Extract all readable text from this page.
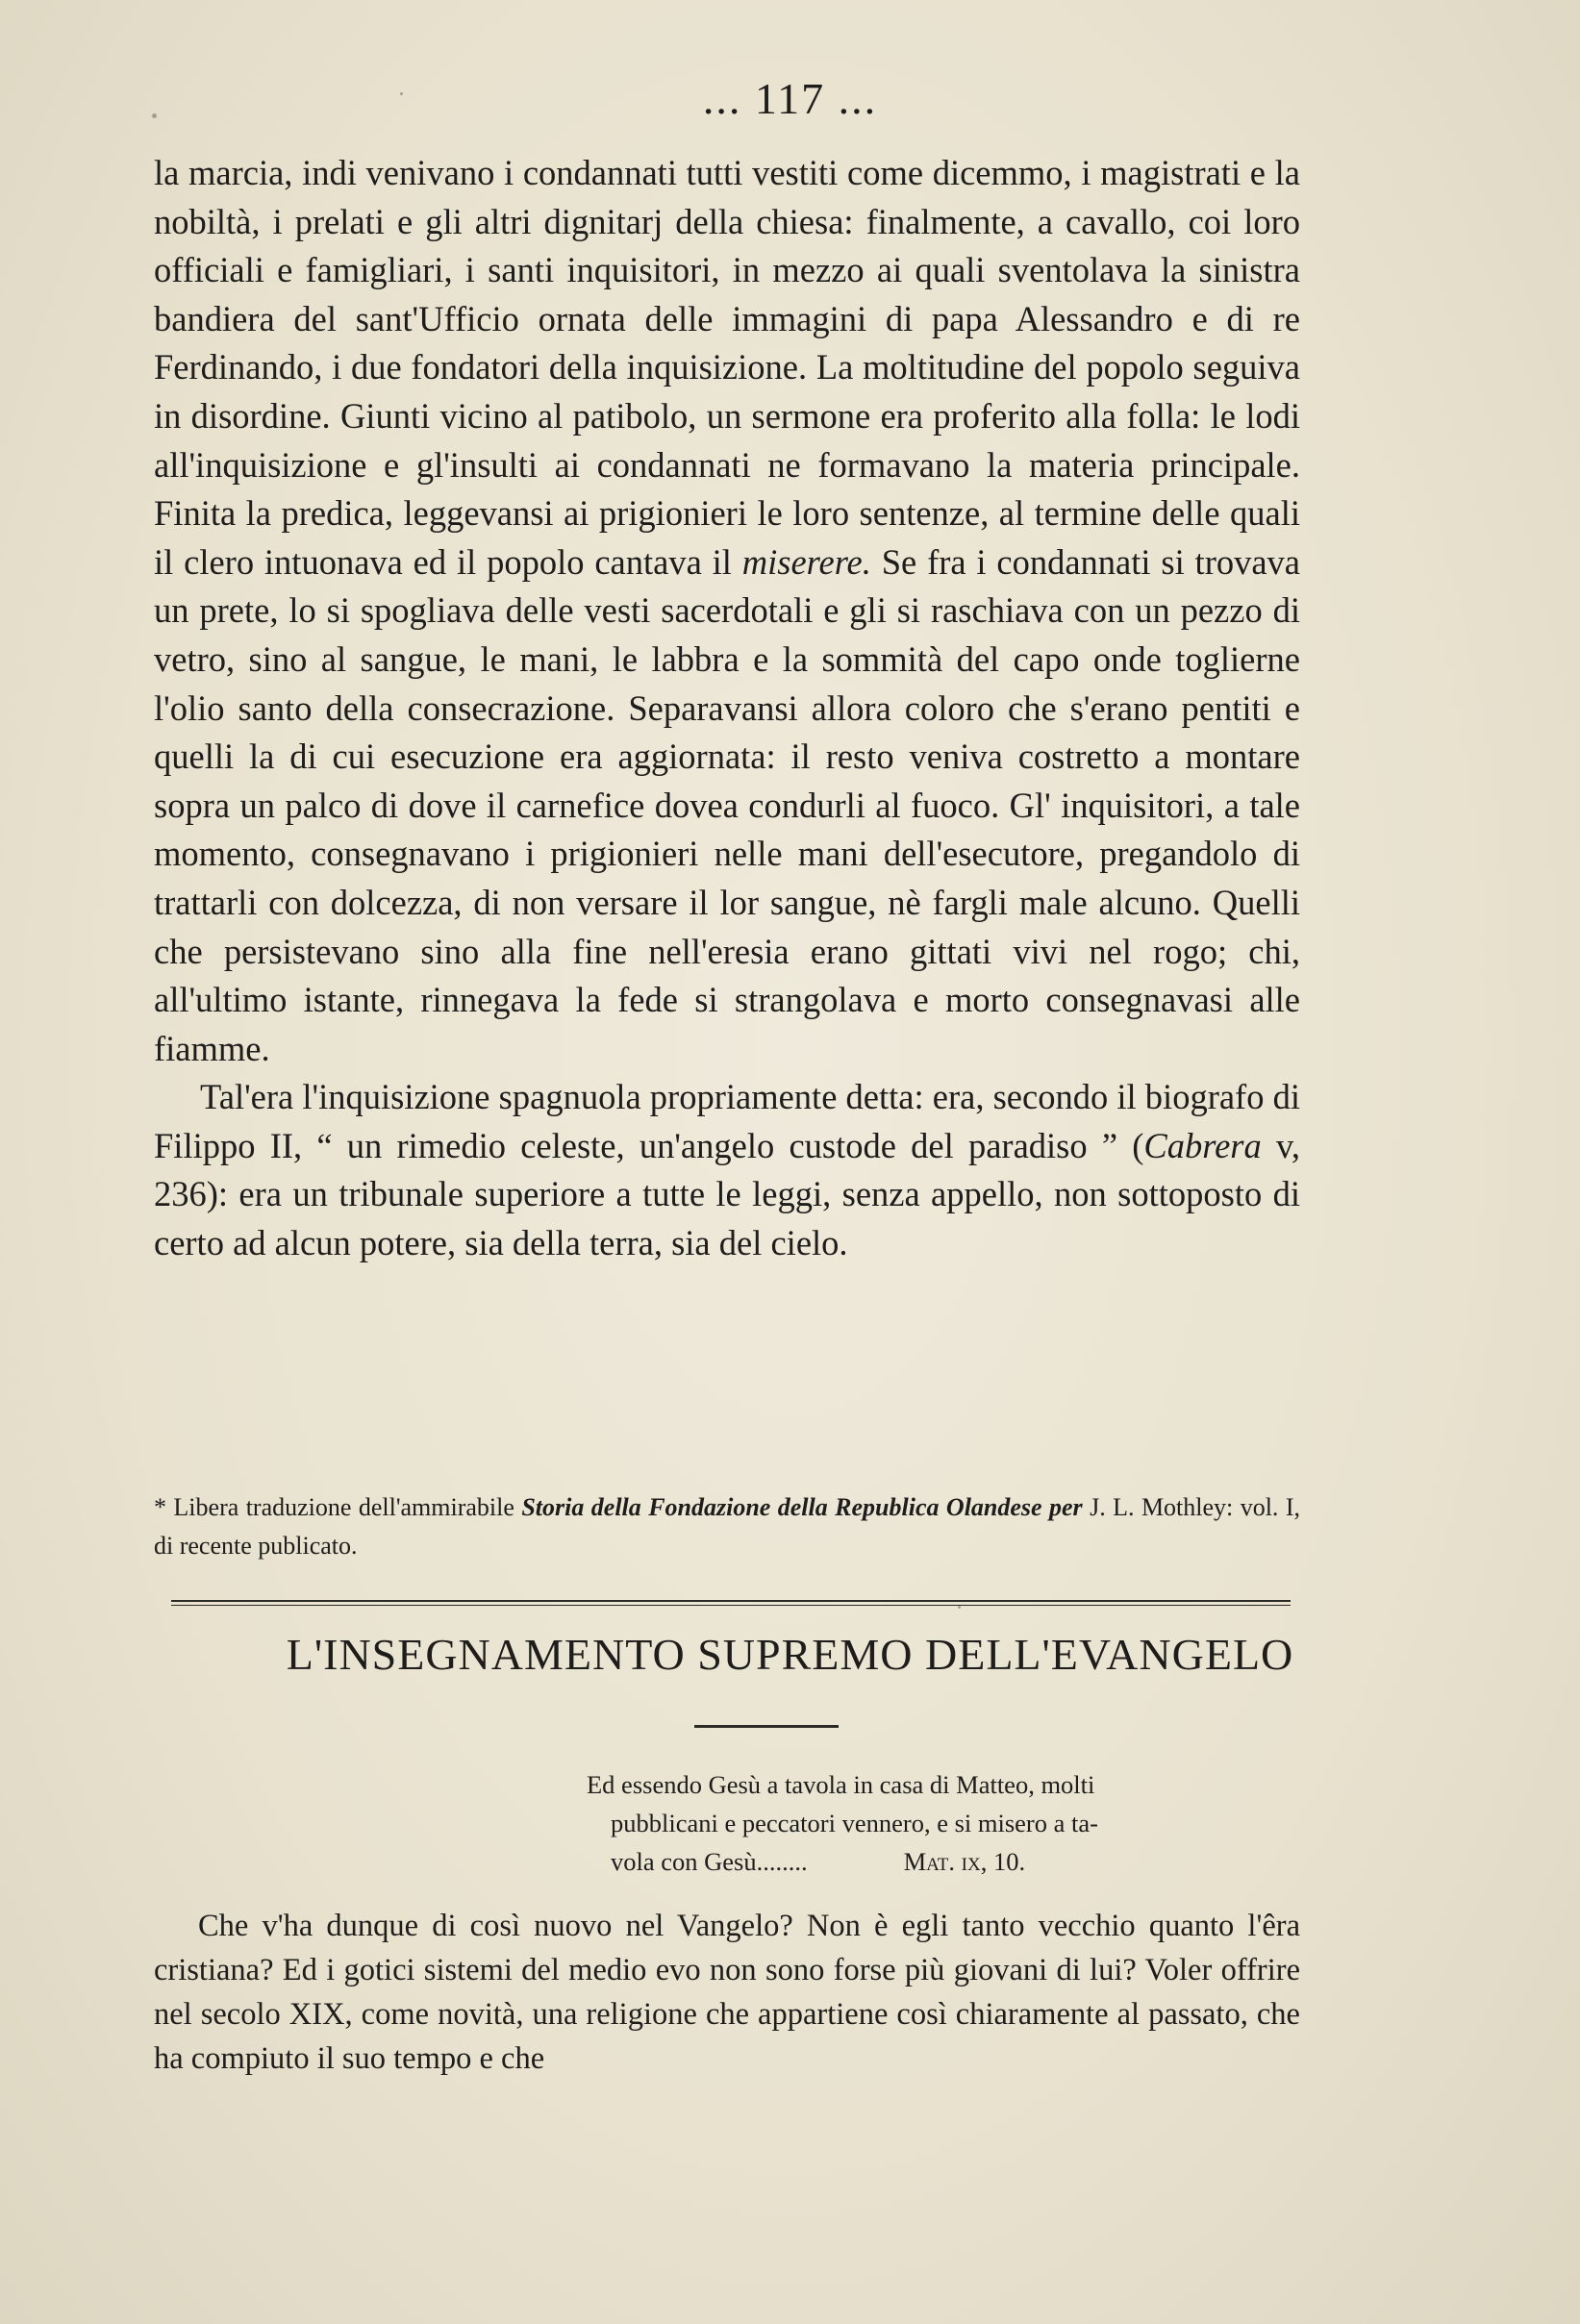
... 117 ...

la marcia, indi venivano i condannati tutti vestiti come dicemmo, i magistrati e la nobiltà, i prelati e gli altri dignitarj della chiesa: finalmente, a cavallo, coi loro officiali e famigliari, i santi inquisitori, in mezzo ai quali sventolava la sinistra bandiera del sant'Ufficio ornata delle immagini di papa Alessandro e di re Ferdinando, i due fondatori della inquisizione. La moltitudine del popolo seguiva in disordine. Giunti vicino al patibolo, un sermone era proferito alla folla: le lodi all'inquisizione e gl'insulti ai condannati ne formavano la materia principale. Finita la predica, leggevansi ai prigionieri le loro sentenze, al termine delle quali il clero intuonava ed il popolo cantava il miserere. Se fra i condannati si trovava un prete, lo si spogliava delle vesti sacerdotali e gli si raschiava con un pezzo di vetro, sino al sangue, le mani, le labbra e la sommità del capo onde toglierne l'olio santo della consecrazione. Separavansi allora coloro che s'erano pentiti e quelli la di cui esecuzione era aggiornata: il resto veniva costretto a montare sopra un palco di dove il carnefice dovea condurli al fuoco. Gl' inquisitori, a tale momento, consegnavano i prigionieri nelle mani dell'esecutore, pregandolo di trattarli con dolcezza, di non versare il lor sangue, nè fargli male alcuno. Quelli che persistevano sino alla fine nell'eresia erano gittati vivi nel rogo; chi, all'ultimo istante, rinnegava la fede si strangolava e morto consegnavasi alle fiamme.

Tal'era l'inquisizione spagnuola propriamente detta: era, secondo il biografo di Filippo II, “ un rimedio celeste, un'angelo custode del paradiso ” (Cabrera v, 236): era un tribunale superiore a tutte le leggi, senza appello, non sottoposto di certo ad alcun potere, sia della terra, sia del cielo.

* Libera traduzione dell'ammirabile Storia della Fondazione della Republica Olandese per J. L. Mothley: vol. I, di recente publicato.
L'INSEGNAMENTO SUPREMO DELL'EVANGELO
Ed essendo Gesù a tavola in casa di Matteo, molti
pubblicani e peccatori vennero, e si misero a ta-
vola con Gesù........	Mat. ix, 10.

Che v'ha dunque di così nuovo nel Vangelo? Non è egli tanto vecchio quanto l'êra cristiana? Ed i gotici sistemi del medio evo non sono forse più giovani di lui? Voler offrire nel secolo XIX, come novità, una religione che appartiene così chiaramente al passato, che ha compiuto il suo tempo e che
